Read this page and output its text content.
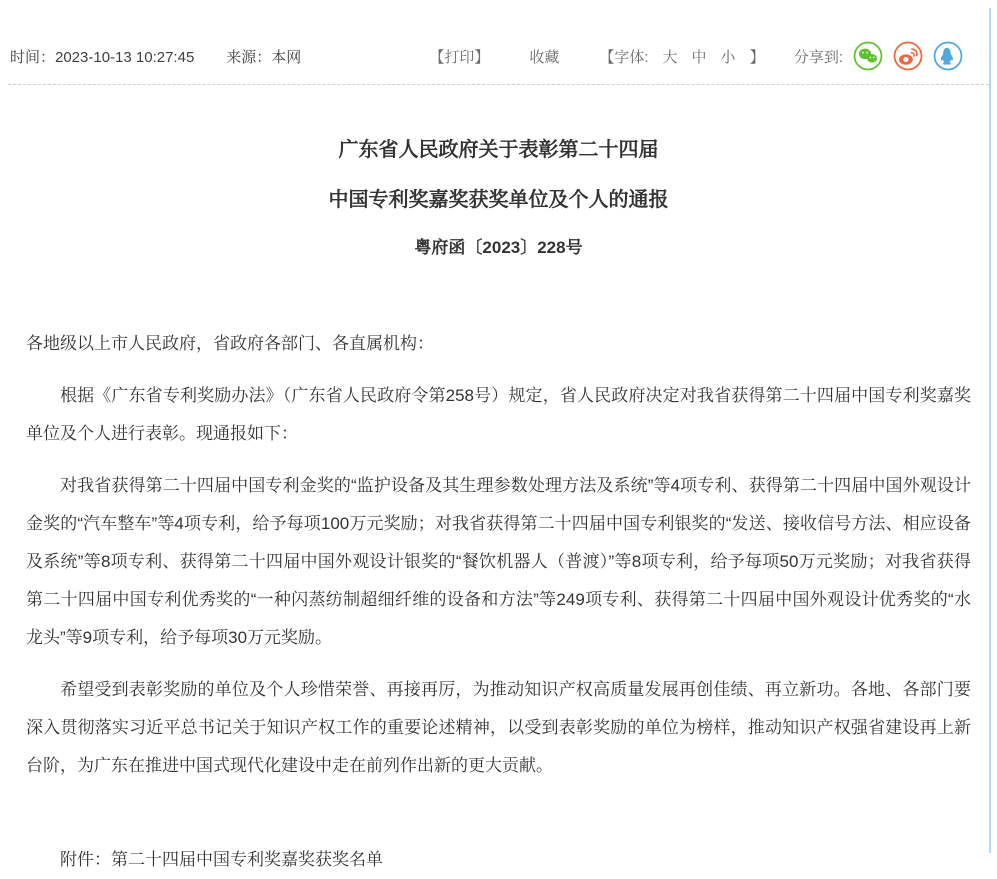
时间：2023-10-13 10:27:45 来源：本网	【打印】	收藏	【字体: 大 中 小 】 分享到:
广东省人民政府关于表彰第二十四届
中国专利奖嘉奖获奖单位及个人的通报
粤府函〔2023〕228号

各地级以上市人民政府，省政府各部门、各直属机构：

根据《广东省专利奖励办法》（广东省人民政府令第258号）规定，省人民政府决定对我省获得第二十四届中国专利奖嘉奖单位及个人进行表彰。现通报如下：

对我省获得第二十四届中国专利金奖的“监护设备及其生理参数处理方法及系统”等4项专利、获得第二十四届中国外观设计金奖的“汽车整车”等4项专利，给予每项100万元奖励；对我省获得第二十四届中国专利银奖的“发送、接收信号方法、相应设备及系统”等8项专利、获得第二十四届中国外观设计银奖的“餐饮机器人（普渡）”等8项专利，给予每项50万元奖励；对我省获得第二十四届中国专利优秀奖的“一种闪蒸纺制超细纤维的设备和方法”等249项专利、获得第二十四届中国外观设计优秀奖的“水龙头”等9项专利，给予每项30万元奖励。

希望受到表彰奖励的单位及个人珍惜荣誉、再接再厉，为推动知识产权高质量发展再创佳绩、再立新功。各地、各部门要深入贯彻落实习近平总书记关于知识产权工作的重要论述精神，以受到表彰奖励的单位为榜样，推动知识产权强省建设再上新台阶，为广东在推进中国式现代化建设中走在前列作出新的更大贡献。

附件：第二十四届中国专利奖嘉奖获奖名单
